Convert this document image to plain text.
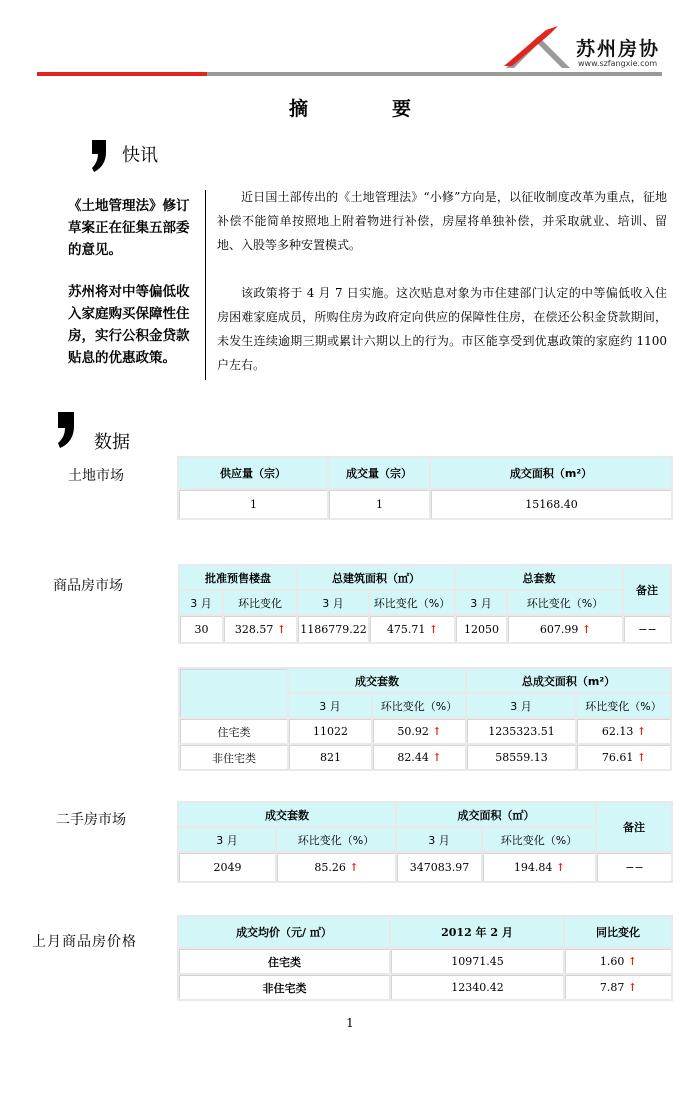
苏州房协
www.szfangxie.com
摘	要
快讯
《土地管理法》修订草案正在征集五部委的意见。
苏州将对中等偏低收入家庭购买保障性住房，实行公积金贷款贴息的优惠政策。
近日国土部传出的《土地管理法》“小修”方向是，以征收制度改革为重点，征地补偿不能简单按照地上附着物进行补偿，房屋将单独补偿，并采取就业、培训、留地、入股等多种安置模式。
该政策将于 4 月 7 日实施。这次贴息对象为市住建部门认定的中等偏低收入住房困难家庭成员，所购住房为政府定向供应的保障性住房，在偿还公积金贷款期间，未发生连续逾期三期或累计六期以上的行为。市区能享受到优惠政策的家庭约 1100 户左右。
数据
土地市场	供应量（宗）	成交量（宗）	成交面积（m²）
1	1	15168.40
商品房市场	批准预售楼盘		总建筑面积（㎡）		总套数		备注
3 月	环比变化	3 月	环比变化（%）	3 月	环比变化（%）	
30	328.57 ↑	1186779.22	475.71 ↑	12050	607.99 ↑	−−
	成交套数		总成交面积（m²）	
	3 月	环比变化（%）	3 月	环比变化（%）
住宅类	11022	50.92 ↑	1235323.51	62.13 ↑
非住宅类	821	82.44 ↑	58559.13	76.61 ↑
二手房市场	成交套数		成交面积（㎡）		备注
3 月	环比变化（%）	3 月	环比变化（%）	
2049	85.26 ↑	347083.97	194.84 ↑	−−
上月商品房价格
成交均价（元/ ㎡）	2012 年 2 月	同比变化
住宅类	10971.45	1.60 ↑
非住宅类	12340.42	7.87 ↑
1
